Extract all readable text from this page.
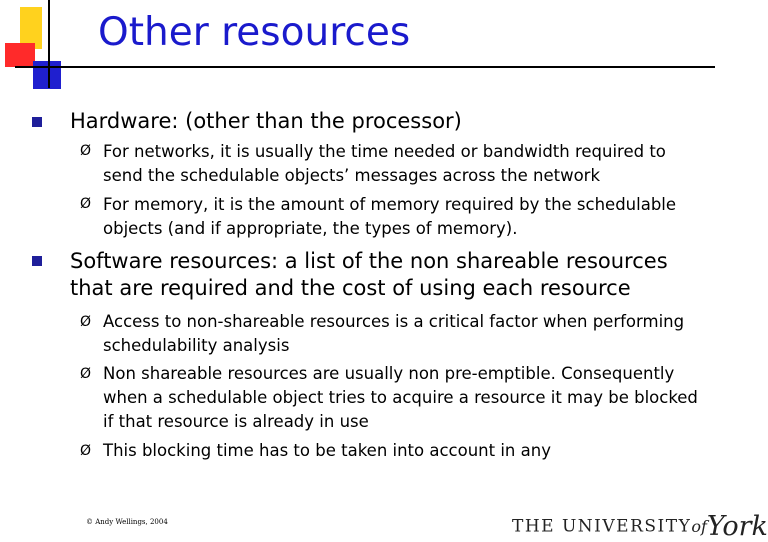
Other resources
Hardware: (other than the processor)
Ø For networks, it is usually the time needed or bandwidth required to send the schedulable objects’ messages across the network
Ø For memory, it is the amount of memory required by the schedulable objects (and if appropriate, the types of memory).
Software resources: a list of the non shareable resources that are required and the cost of using each resource
Ø Access to non-shareable resources is a critical factor when performing schedulability analysis
Ø Non shareable resources are usually non pre-emptible. Consequently when a schedulable object tries to acquire a resource it may be blocked if that resource is already in use
Ø This blocking time has to be taken into account in any
© Andy Wellings, 2004	THE UNIVERSITYofYork
